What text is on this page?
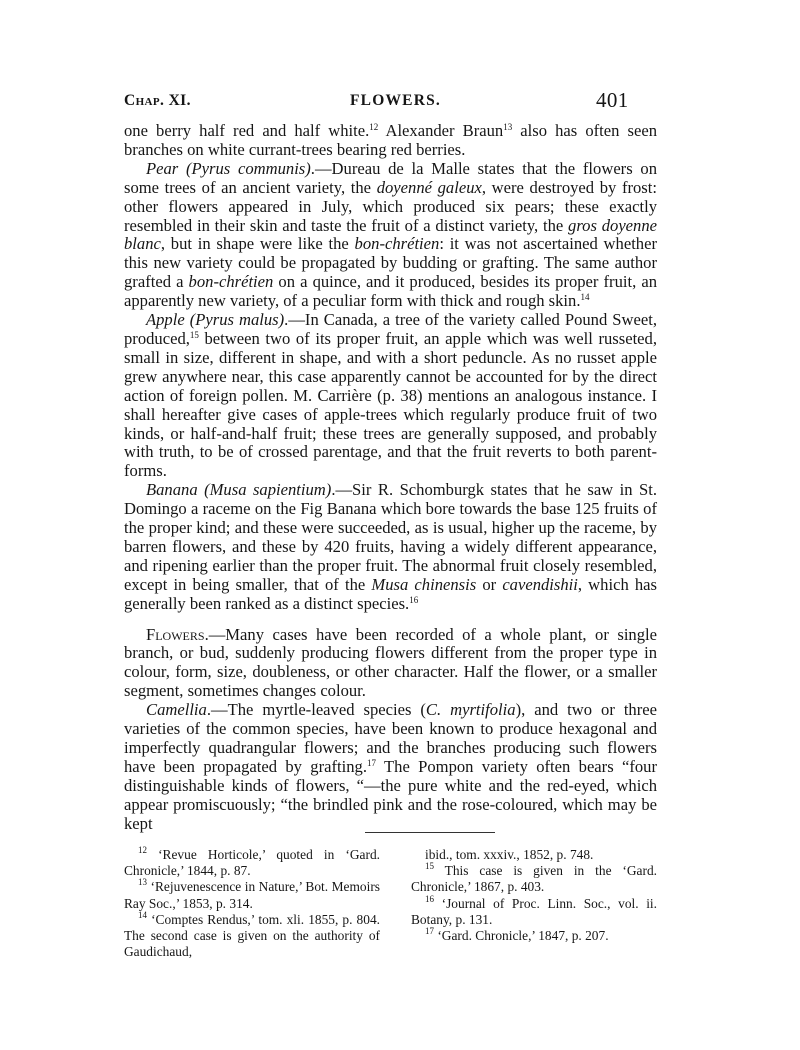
Chap. XI.	FLOWERS.	401

one berry half red and half white.$^{12}$ Alexander Braun$^{13}$ also has often seen branches on white currant-trees bearing red berries.

Pear (Pyrus communis).—Dureau de la Malle states that the flowers on some trees of an ancient variety, the doyenné galeux, were destroyed by frost: other flowers appeared in July, which produced six pears; these exactly resembled in their skin and taste the fruit of a distinct variety, the gros doyenne blanc, but in shape were like the bon-chrétien: it was not ascertained whether this new variety could be propagated by budding or grafting. The same author grafted a bon-chrétien on a quince, and it produced, besides its proper fruit, an apparently new variety, of a peculiar form with thick and rough skin.$^{14}$

Apple (Pyrus malus).—In Canada, a tree of the variety called Pound Sweet, produced,$^{15}$ between two of its proper fruit, an apple which was well russeted, small in size, different in shape, and with a short peduncle. As no russet apple grew anywhere near, this case apparently cannot be accounted for by the direct action of foreign pollen. M. Carrière (p. 38) mentions an analogous instance. I shall hereafter give cases of apple-trees which regularly produce fruit of two kinds, or half-and-half fruit; these trees are generally supposed, and probably with truth, to be of crossed parentage, and that the fruit reverts to both parent-forms.

Banana (Musa sapientium).—Sir R. Schomburgk states that he saw in St. Domingo a raceme on the Fig Banana which bore towards the base 125 fruits of the proper kind; and these were succeeded, as is usual, higher up the raceme, by barren flowers, and these by 420 fruits, having a widely different appearance, and ripening earlier than the proper fruit. The abnormal fruit closely resembled, except in being smaller, that of the Musa chinensis or cavendishii, which has generally been ranked as a distinct species.$^{16}$

Flowers.—Many cases have been recorded of a whole plant, or single branch, or bud, suddenly producing flowers different from the proper type in colour, form, size, doubleness, or other character. Half the flower, or a smaller segment, sometimes changes colour.

Camellia.—The myrtle-leaved species (C. myrtifolia), and two or three varieties of the common species, have been known to produce hexagonal and imperfectly quadrangular flowers; and the branches producing such flowers have been propagated by grafting.$^{17}$ The Pompon variety often bears “four distinguishable kinds of flowers, “—the pure white and the red-eyed, which appear promiscuously; “the brindled pink and the rose-coloured, which may be kept

$^{12}$ ‘Revue Horticole,’ quoted in ‘Gard. Chronicle,’ 1844, p. 87.

$^{13}$ ‘Rejuvenescence in Nature,’ Bot. Memoirs Ray Soc.,’ 1853, p. 314.

$^{14}$ ‘Comptes Rendus,’ tom. xli. 1855, p. 804. The second case is given on the authority of Gaudichaud,

ibid., tom. xxxiv., 1852, p. 748.

$^{15}$ This case is given in the ‘Gard. Chronicle,’ 1867, p. 403.

$^{16}$ ‘Journal of Proc. Linn. Soc., vol. ii. Botany, p. 131.

$^{17}$ ‘Gard. Chronicle,’ 1847, p. 207.
